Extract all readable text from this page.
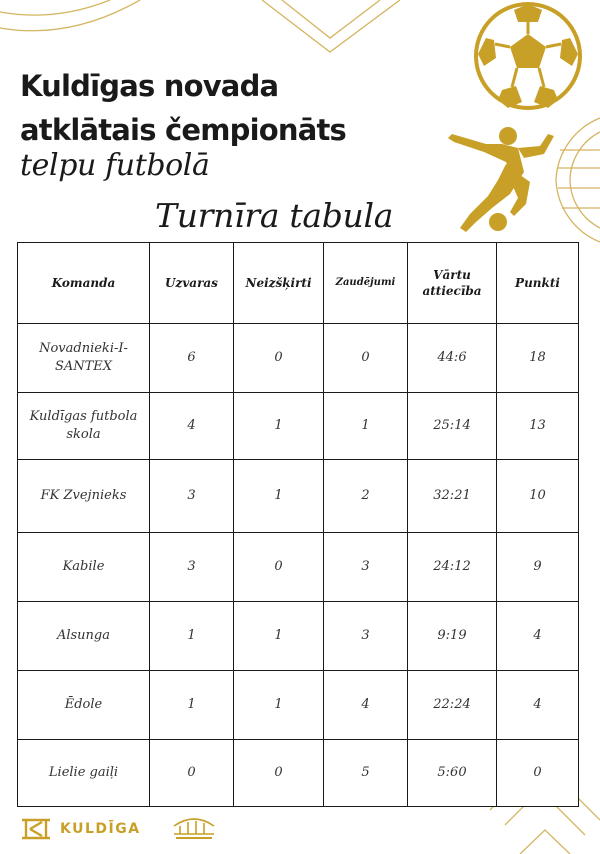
Kuldīgas novada
atklātais čempionāts
telpu futbolā
Turnīra tabula
Komanda	Uzvaras	Neizšķirti	Zaudējumi	Vārtu attiecība	Punkti
Novadnieki-I-SANTEX	6	0	0	44:6	18
Kuldīgas futbola skola	4	1	1	25:14	13
FK Zvejnieks	3	1	2	32:21	10
Kabile	3	0	3	24:12	9
Alsunga	1	1	3	9:19	4
Ēdole	1	1	4	22:24	4
Lielie gaiļi	0	0	5	5:60	0
KULDĪGA
